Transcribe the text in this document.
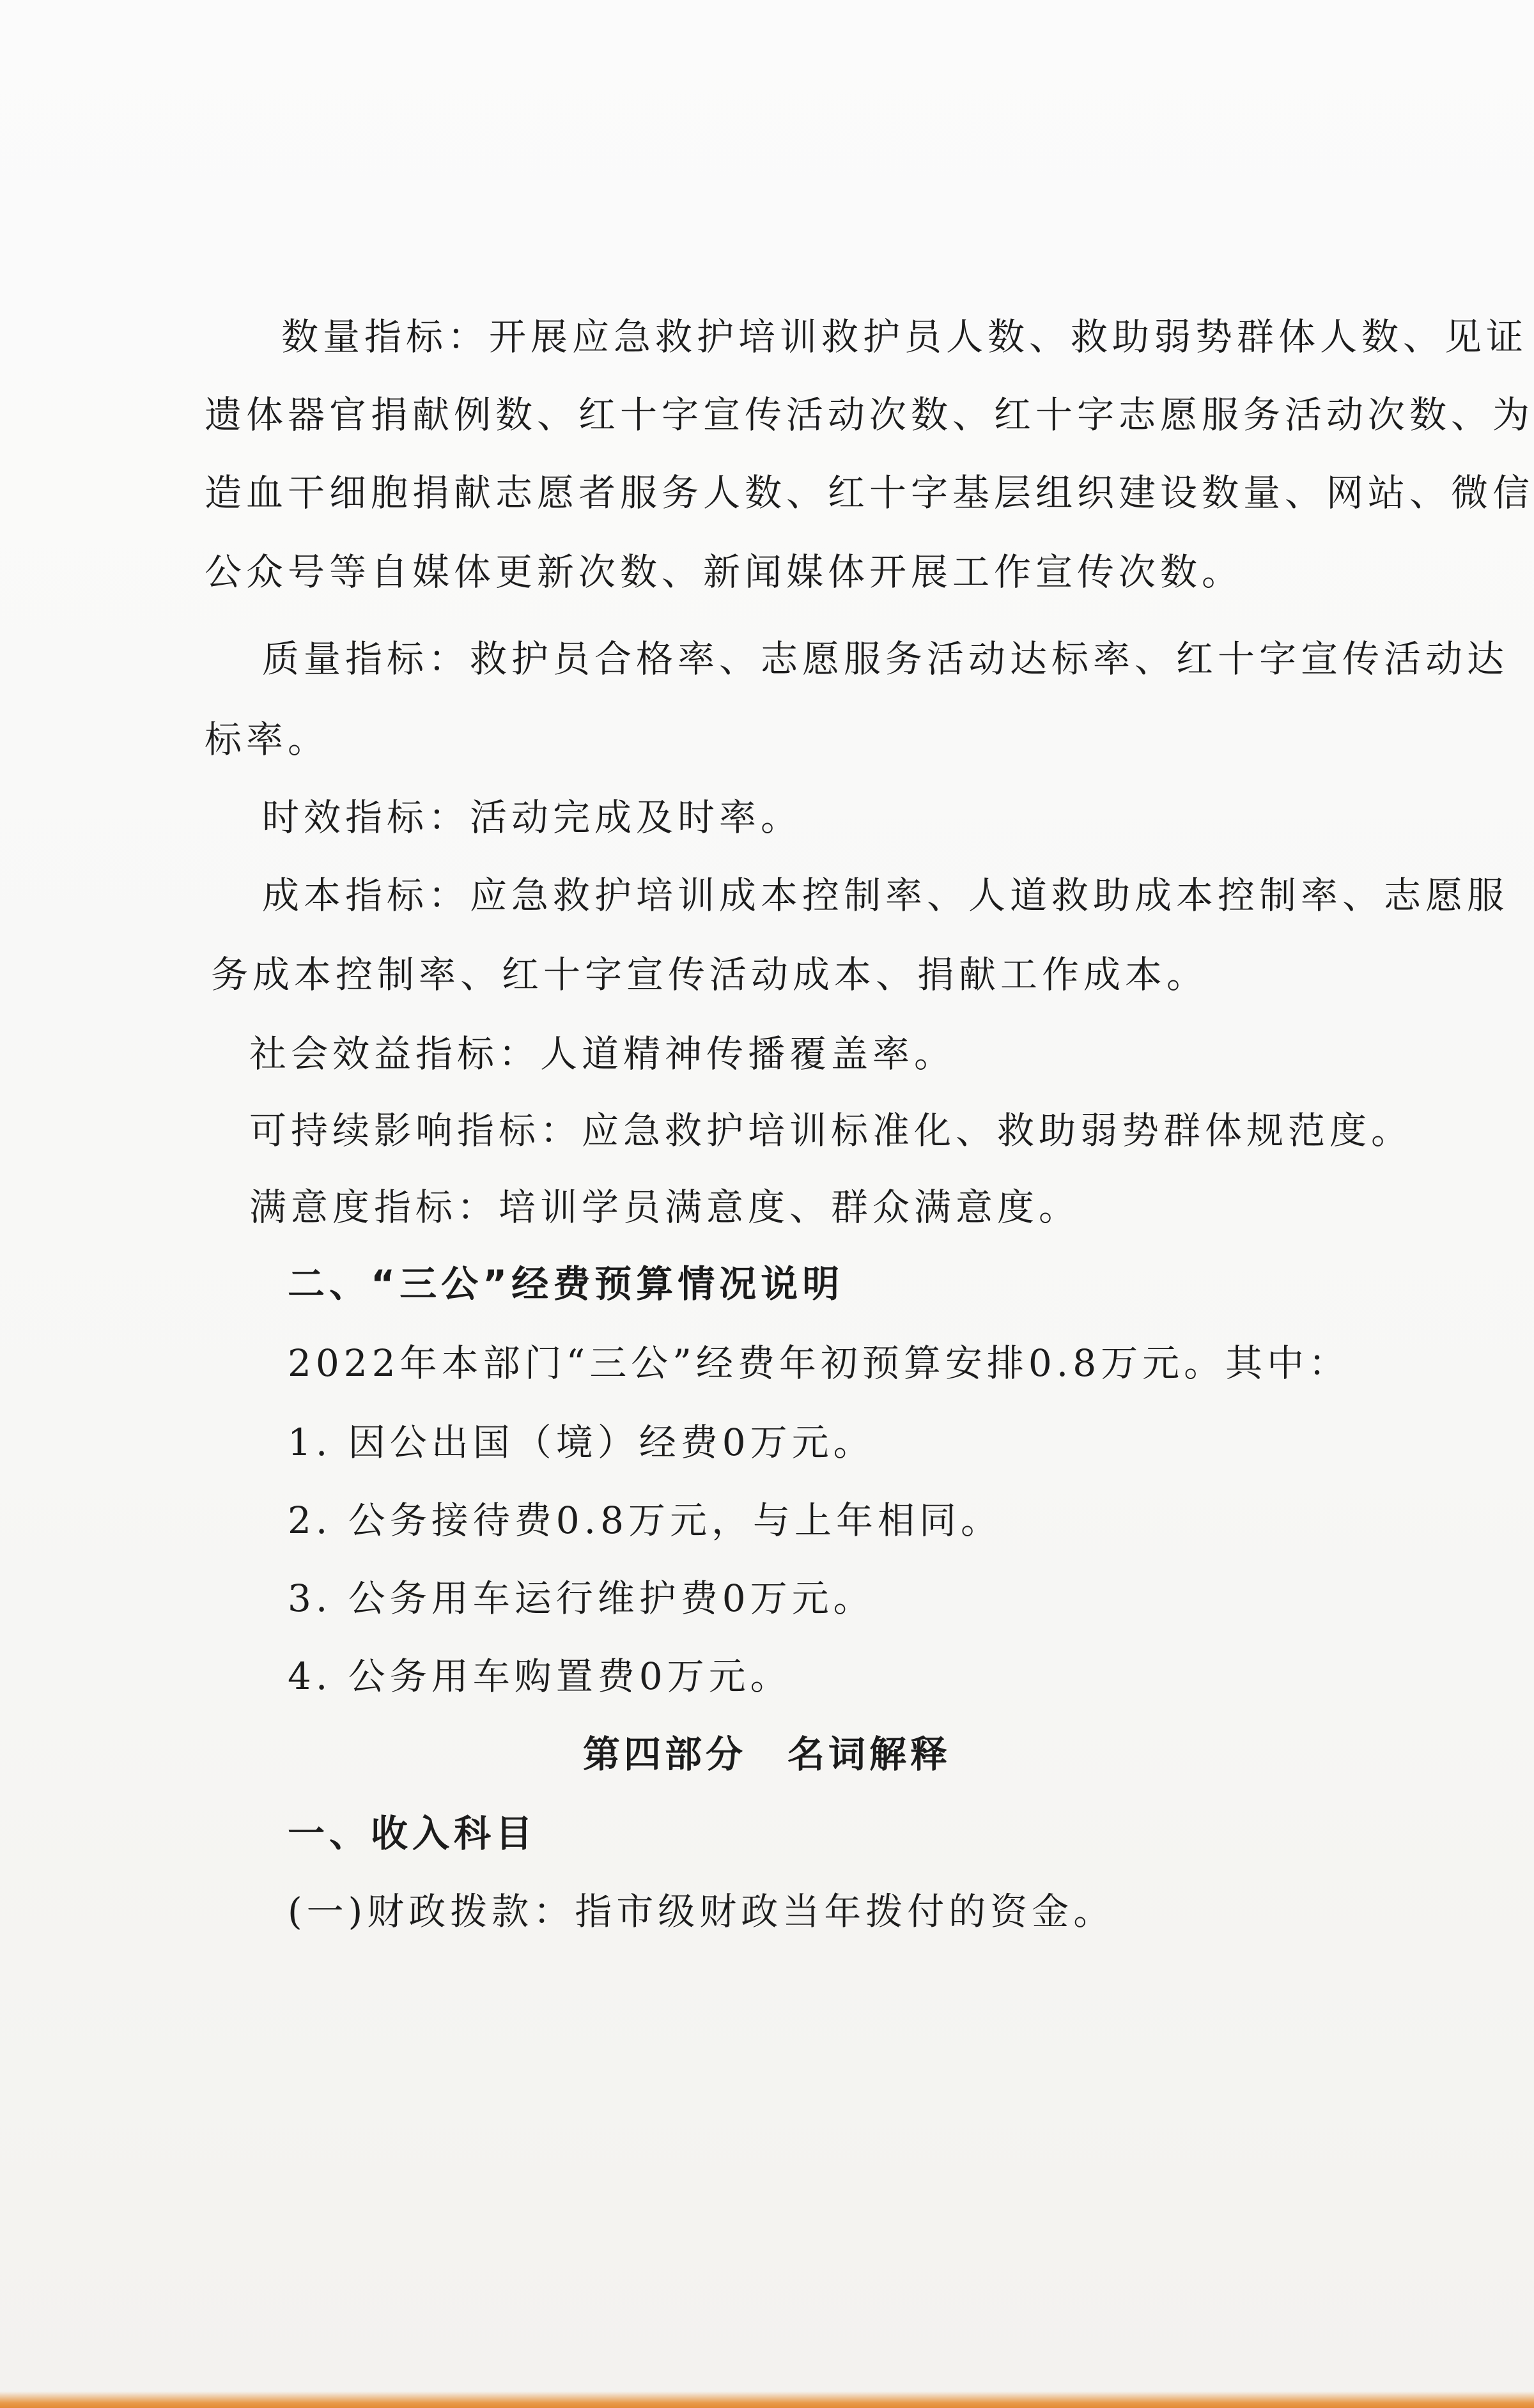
数量指标：开展应急救护培训救护员人数、救助弱势群体人数、见证
遗体器官捐献例数、红十字宣传活动次数、红十字志愿服务活动次数、为
造血干细胞捐献志愿者服务人数、红十字基层组织建设数量、网站、微信
公众号等自媒体更新次数、新闻媒体开展工作宣传次数。
质量指标：救护员合格率、志愿服务活动达标率、红十字宣传活动达
标率。
时效指标：活动完成及时率。
成本指标：应急救护培训成本控制率、人道救助成本控制率、志愿服
务成本控制率、红十字宣传活动成本、捐献工作成本。
社会效益指标：人道精神传播覆盖率。
可持续影响指标：应急救护培训标准化、救助弱势群体规范度。
满意度指标：培训学员满意度、群众满意度。
二、“三公”经费预算情况说明
2022年本部门“三公”经费年初预算安排0.8万元。其中：
1. 因公出国（境）经费0万元。
2. 公务接待费0.8万元，与上年相同。
3. 公务用车运行维护费0万元。
4. 公务用车购置费0万元。
第四部分　名词解释
一、收入科目
(一)财政拨款：指市级财政当年拨付的资金。
